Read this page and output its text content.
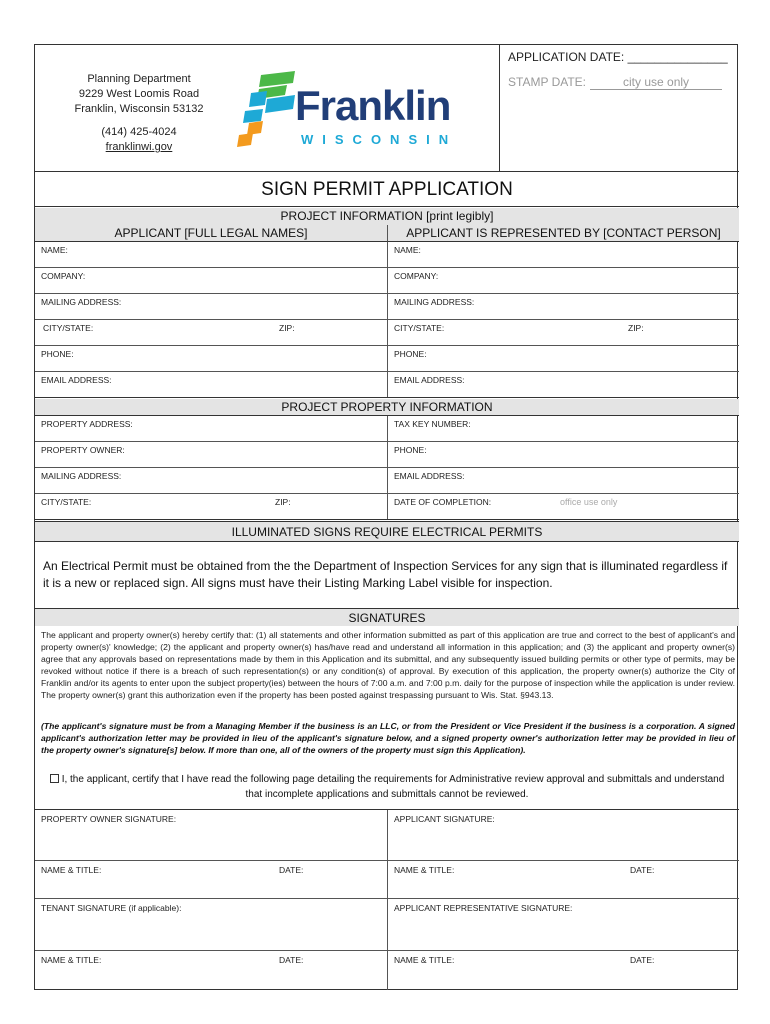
Planning Department
9229 West Loomis Road
Franklin, Wisconsin 53132
(414) 425-4024
franklinwi.gov
Franklin
WISCONSIN
APPLICATION DATE: _______________
STAMP DATE:	city use only
SIGN PERMIT APPLICATION
PROJECT INFORMATION [print legibly]
APPLICANT [FULL LEGAL NAMES]	APPLICANT IS REPRESENTED BY [CONTACT PERSON]
NAME:	NAME:
COMPANY:	COMPANY:
MAILING ADDRESS:	MAILING ADDRESS:
CITY/STATE:	ZIP:	CITY/STATE:	ZIP:
PHONE:	PHONE:
EMAIL ADDRESS:	EMAIL ADDRESS:
PROJECT PROPERTY INFORMATION
PROPERTY ADDRESS:	TAX KEY NUMBER:
PROPERTY OWNER:	PHONE:
MAILING ADDRESS:	EMAIL ADDRESS:
CITY/STATE:	ZIP:	DATE OF COMPLETION:	office use only
ILLUMINATED SIGNS REQUIRE ELECTRICAL PERMITS
An Electrical Permit must be obtained from the the Department of Inspection Services for any sign that is illuminated regardless if it is a new or replaced sign. All signs must have their Listing Marking Label visible for inspection.
SIGNATURES
The applicant and property owner(s) hereby certify that: (1) all statements and other information submitted as part of this application are true and correct to the best of applicant's and property owner(s)' knowledge; (2) the applicant and property owner(s) has/have read and understand all information in this application; and (3) the applicant and property owner(s) agree that any approvals based on representations made by them in this Application and its submittal, and any subsequently issued building permits or other type of permits, may be revoked without notice if there is a breach of such representation(s) or any condition(s) of approval. By execution of this application, the property owner(s) authorize the City of Franklin and/or its agents to enter upon the subject property(ies) between the hours of 7:00 a.m. and 7:00 p.m. daily for the purpose of inspection while the application is under review. The property owner(s) grant this authorization even if the property has been posted against trespassing pursuant to Wis. Stat. §943.13.
(The applicant's signature must be from a Managing Member if the business is an LLC, or from the President or Vice President if the business is a corporation. A signed applicant's authorization letter may be provided in lieu of the applicant's signature below, and a signed property owner's authorization letter may be provided in lieu of the property owner's signature[s] below. If more than one, all of the owners of the property must sign this Application).
I, the applicant, certify that I have read the following page detailing the requirements for Administrative review approval and submittals and understand that incomplete applications and submittals cannot be reviewed.
PROPERTY OWNER SIGNATURE:	APPLICANT SIGNATURE:
NAME & TITLE:	DATE:	NAME & TITLE:	DATE:
TENANT SIGNATURE (if applicable):	APPLICANT REPRESENTATIVE SIGNATURE:
NAME & TITLE:	DATE:	NAME & TITLE:	DATE:
